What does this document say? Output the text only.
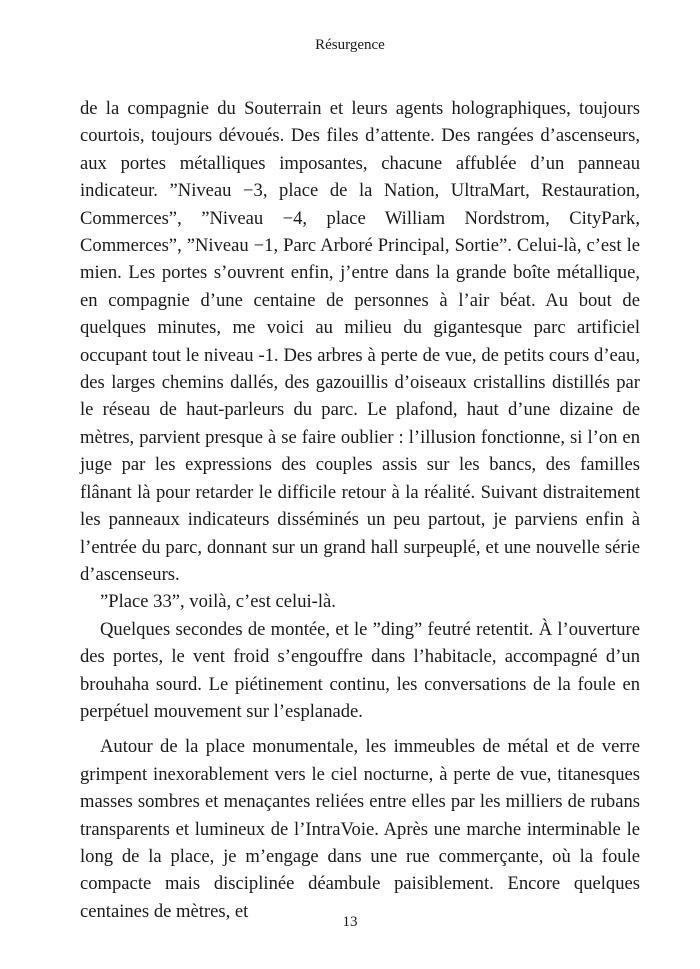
Résurgence

de la compagnie du Souterrain et leurs agents holographiques, toujours courtois, toujours dévoués. Des files d’attente. Des rangées d’ascenseurs, aux portes métalliques imposantes, chacune affublée d’un panneau indicateur. ”Niveau −3, place de la Nation, UltraMart, Restauration, Commerces”, ”Niveau −4, place William Nordstrom, CityPark, Commerces”, ”Niveau −1, Parc Arboré Principal, Sortie”. Celui-là, c’est le mien. Les portes s’ouvrent enfin, j’entre dans la grande boîte métallique, en compagnie d’une centaine de personnes à l’air béat. Au bout de quelques minutes, me voici au milieu du gigantesque parc artificiel occupant tout le niveau -1. Des arbres à perte de vue, de petits cours d’eau, des larges chemins dallés, des gazouillis d’oiseaux cristallins distillés par le réseau de haut-parleurs du parc. Le plafond, haut d’une dizaine de mètres, parvient presque à se faire oublier : l’illusion fonctionne, si l’on en juge par les expressions des couples assis sur les bancs, des familles flânant là pour retarder le difficile retour à la réalité. Suivant distraitement les panneaux indicateurs disséminés un peu partout, je parviens enfin à l’entrée du parc, donnant sur un grand hall surpeuplé, et une nouvelle série d’ascenseurs.

”Place 33”, voilà, c’est celui-là.

Quelques secondes de montée, et le ”ding” feutré retentit. À l’ouverture des portes, le vent froid s’engouffre dans l’habitacle, accompagné d’un brouhaha sourd. Le piétinement continu, les conversations de la foule en perpétuel mouvement sur l’esplanade.

Autour de la place monumentale, les immeubles de métal et de verre grimpent inexorablement vers le ciel nocturne, à perte de vue, titanesques masses sombres et menaçantes reliées entre elles par les milliers de rubans transparents et lumineux de l’IntraVoie. Après une marche interminable le long de la place, je m’engage dans une rue commerçante, où la foule compacte mais disciplinée déambule paisiblement. Encore quelques centaines de mètres, et

13
